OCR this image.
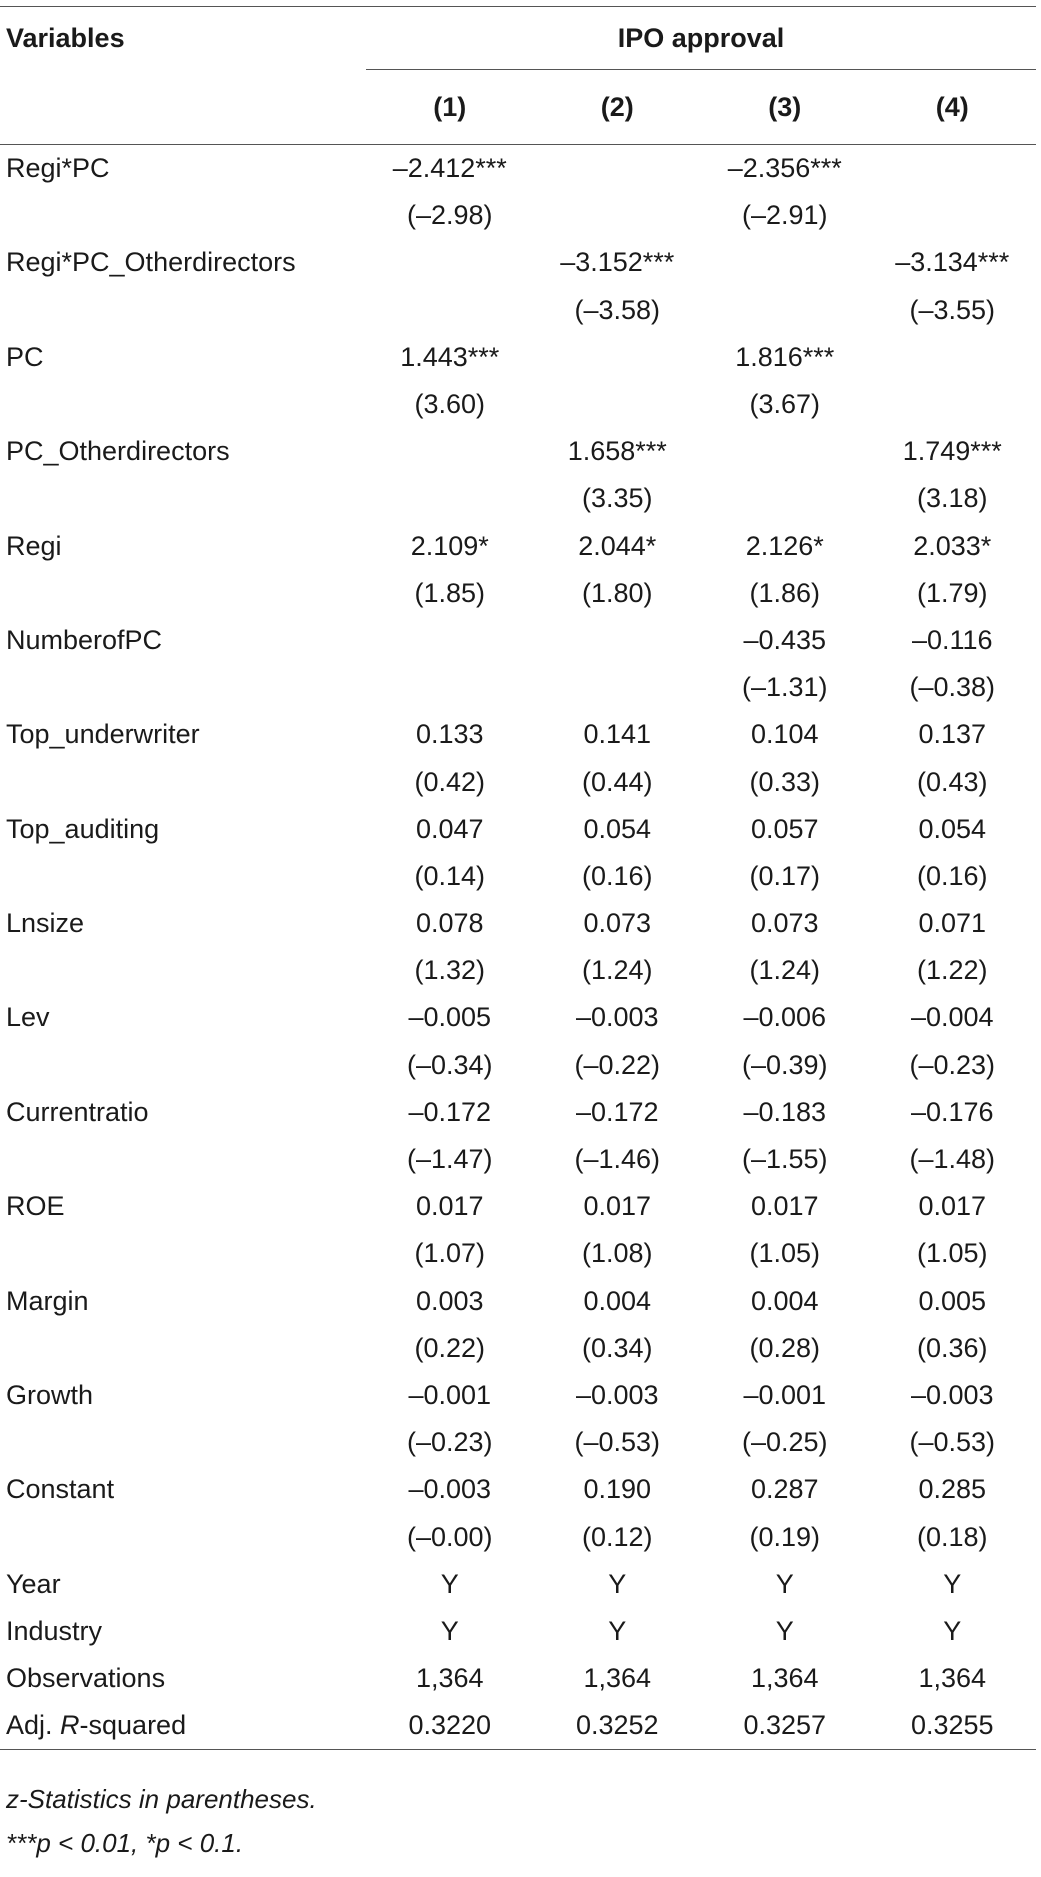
Variables	IPO approval			
	(1)	(2)	(3)	(4)
Regi*PC	–2.412***		–2.356***	
	(–2.98)		(–2.91)	
Regi*PC_Otherdirectors		–3.152***		–3.134***
		(–3.58)		(–3.55)
PC	1.443***		1.816***	
	(3.60)		(3.67)	
PC_Otherdirectors		1.658***		1.749***
		(3.35)		(3.18)
Regi	2.109*	2.044*	2.126*	2.033*
	(1.85)	(1.80)	(1.86)	(1.79)
NumberofPC			–0.435	–0.116
			(–1.31)	(–0.38)
Top_underwriter	0.133	0.141	0.104	0.137
	(0.42)	(0.44)	(0.33)	(0.43)
Top_auditing	0.047	0.054	0.057	0.054
	(0.14)	(0.16)	(0.17)	(0.16)
Lnsize	0.078	0.073	0.073	0.071
	(1.32)	(1.24)	(1.24)	(1.22)
Lev	–0.005	–0.003	–0.006	–0.004
	(–0.34)	(–0.22)	(–0.39)	(–0.23)
Currentratio	–0.172	–0.172	–0.183	–0.176
	(–1.47)	(–1.46)	(–1.55)	(–1.48)
ROE	0.017	0.017	0.017	0.017
	(1.07)	(1.08)	(1.05)	(1.05)
Margin	0.003	0.004	0.004	0.005
	(0.22)	(0.34)	(0.28)	(0.36)
Growth	–0.001	–0.003	–0.001	–0.003
	(–0.23)	(–0.53)	(–0.25)	(–0.53)
Constant	–0.003	0.190	0.287	0.285
	(–0.00)	(0.12)	(0.19)	(0.18)
Year	Y	Y	Y	Y
Industry	Y	Y	Y	Y
Observations	1,364	1,364	1,364	1,364
Adj. R-squared	0.3220	0.3252	0.3257	0.3255
z-Statistics in parentheses.
***p < 0.01, *p < 0.1.
